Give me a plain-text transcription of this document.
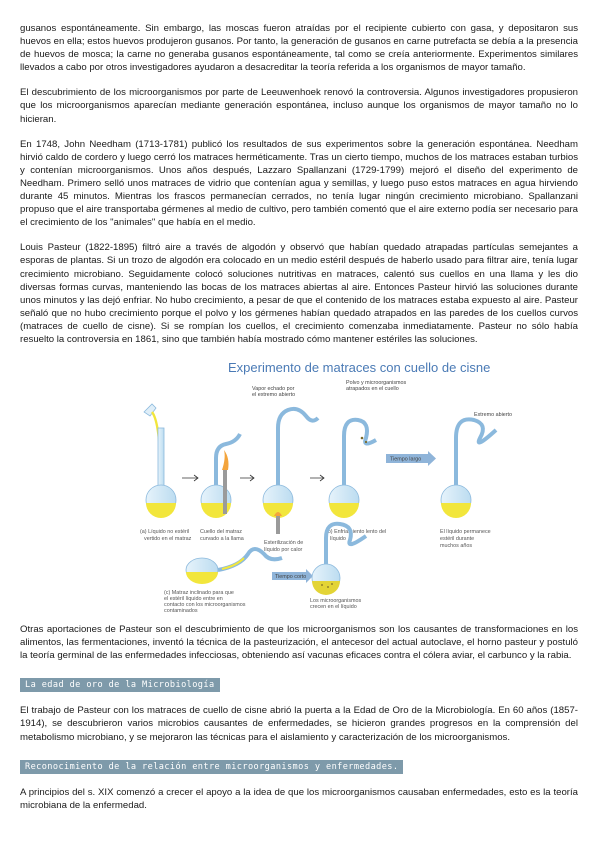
gusanos espontáneamente. Sin embargo, las moscas fueron atraídas por el recipiente cubierto con gasa, y depositaron sus huevos en ella; estos huevos produjeron gusanos. Por tanto, la generación de gusanos en carne putrefacta se debía a la presencia de huevos de mosca; la carne no generaba gusanos espontáneamente, tal como se creía anteriormente. Experimentos similares llevados a cabo por otros investigadores ayudaron a desacreditar la teoría referida a los organismos de mayor tamaño.

El descubrimiento de los microorganismos por parte de Leeuwenhoek renovó la controversia. Algunos investigadores propusieron que los microorganismos aparecían mediante generación espontánea, incluso aunque los organismos de mayor tamaño no lo hicieran.

En 1748, John Needham (1713-1781) publicó los resultados de sus experimentos sobre la generación espontánea. Needham hirvió caldo de cordero y luego cerró los matraces herméticamente. Tras un cierto tiempo, muchos de los matraces estaban turbios y contenían microorganismos. Unos años después, Lazzaro Spallanzani (1729-1799) mejoró el diseño del experimento de Needham. Primero selló unos matraces de vidrio que contenían agua y semillas, y luego puso estos matraces en agua hirviendo durante 45 minutos. Mientras los frascos permanecían cerrados, no tenía lugar ningún crecimiento microbiano. Spallanzani propuso que el aire transportaba gérmenes al medio de cultivo, pero también comentó que el aire externo podía ser necesario para el crecimiento de los "animales" que había en el medio.

Louis Pasteur (1822-1895) filtró aire a través de algodón y observó que habían quedado atrapadas partículas semejantes a esporas de plantas. Si un trozo de algodón era colocado en un medio estéril después de haberlo usado para filtrar aire, tenía lugar crecimiento microbiano. Seguidamente colocó soluciones nutritivas en matraces, calentó sus cuellos en una llama y les dio diversas formas curvas, manteniendo las bocas de los matraces abiertas al aire. Entonces Pasteur hirvió las soluciones durante unos minutos y las dejó enfriar. No hubo crecimiento, a pesar de que el contenido de los matraces estaba expuesto al aire. Pasteur señaló que no hubo crecimiento porque el polvo y los gérmenes habían quedado atrapados en las paredes de los cuellos curvos (matraces de cuello de cisne). Si se rompían los cuellos, el crecimiento comenzaba inmediatamente. Pasteur no sólo había resuelto la controversia en 1861, sino que también había mostrado cómo mantener estériles las soluciones.

Experimento de matraces con cuello de cisne
(a) Líquido no estéril
vertido en el matraz
Cuello del matraz
curvado a la llama
Vapor echado por
el extremo abierto
Esterilización de
líquido por calor
Polvo y microorganismos
atrapados en el cuello
(b) Enfriamiento lento del
líquido
Tiempo largo
Extremo abierto
El líquido permanece
estéril durante
muchos años
(c) Matraz inclinado para que
el estéril líquido entre en
contacto con los microorganismos
contaminados
Tiempo corto
Los microorganismos
crecen en el líquido

Otras aportaciones de Pasteur son el descubrimiento de que los microorganismos son los causantes de transformaciones en los alimentos, las fermentaciones, inventó la técnica de la pasteurización, el antecesor del actual autoclave, el horno pasteur y postuló la teoría germinal de las enfermedades infecciosas, obteniendo así vacunas eficaces contra el cólera aviar, el carbunco y la rabia.

La edad de oro de la Microbiología

El trabajo de Pasteur con los matraces de cuello de cisne abrió la puerta a la Edad de Oro de la Microbiología. En 60 años (1857-1914), se descubrieron varios microbios causantes de enfermedades, se hicieron grandes progresos en la comprensión del metabolismo microbiano, y se mejoraron las técnicas para el aislamiento y caracterización de los microorganismos.

Reconocimiento de la relación entre microorganismos y enfermedades.

A principios del s. XIX comenzó a crecer el apoyo a la idea de que los microorganismos causaban enfermedades, esto es la teoría microbiana de la enfermedad.
